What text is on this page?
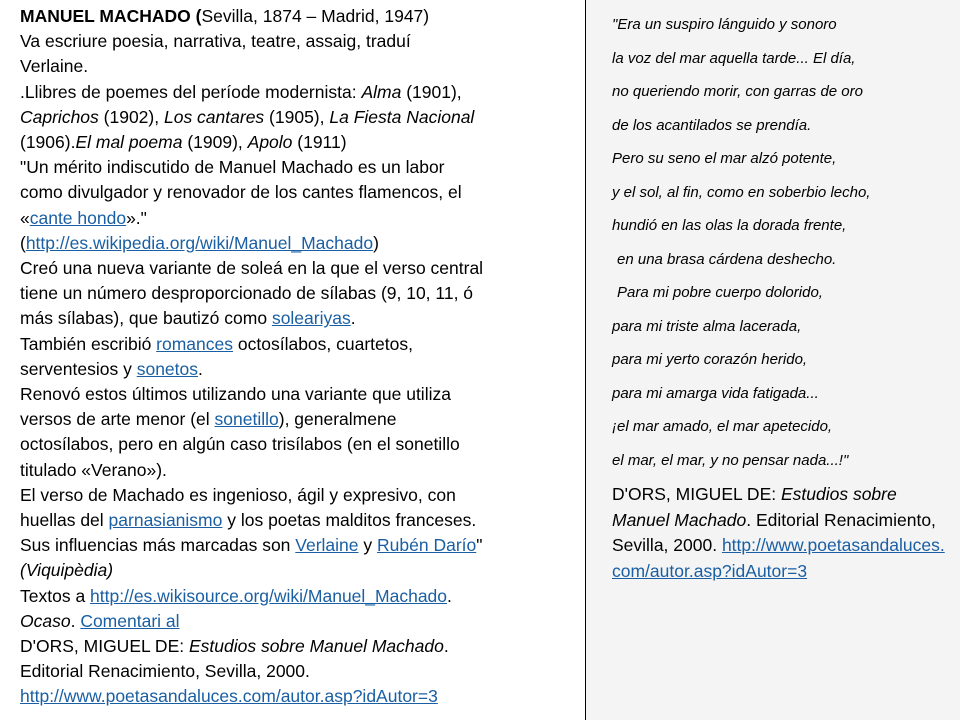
MANUEL MACHADO (Sevilla, 1874 – Madrid, 1947)
Va escriure poesia, narrativa, teatre, assaig, traduí
Verlaine.
.Llibres de poemes del període modernista: Alma (1901),
Caprichos (1902), Los cantares (1905), La Fiesta Nacional
(1906).El mal poema (1909), Apolo (1911)
"Un mérito indiscutido de Manuel Machado es un labor
como divulgador y renovador de los cantes flamencos, el
«cante hondo»."
(http://es.wikipedia.org/wiki/Manuel_Machado)
Creó una nueva variante de soleá en la que el verso central
tiene un número desproporcionado de sílabas (9, 10, 11, ó
más sílabas), que bautizó como soleariyas.
También escribió romances octosílabos, cuartetos,
serventesios y sonetos.
Renovó estos últimos utilizando una variante que utiliza
versos de arte menor (el sonetillo), generalmene
octosílabos, pero en algún caso trisílabos (en el sonetillo
titulado «Verano»).
El verso de Machado es ingenioso, ágil y expresivo, con
huellas del parnasianismo y los poetas malditos franceses.
Sus influencias más marcadas son Verlaine y Rubén Darío"
(Viquipèdia)
Textos a http://es.wikisource.org/wiki/Manuel_Machado.
Ocaso. Comentari al
D'ORS, MIGUEL DE: Estudios sobre Manuel Machado.
Editorial Renacimiento, Sevilla, 2000.
http://www.poetasandaluces.com/autor.asp?idAutor=3
"Era un suspiro lánguido y sonoro
la voz del mar aquella tarde... El día,
no queriendo morir, con garras de oro
de los acantilados se prendía.
Pero su seno el mar alzó potente,
y el sol, al fin, como en soberbio lecho,
hundió en las olas la dorada frente,
en una brasa cárdena deshecho.
Para mi pobre cuerpo dolorido,
para mi triste alma lacerada,
para mi yerto corazón herido,
para mi amarga vida fatigada...
¡el mar amado, el mar apetecido,
el mar, el mar, y no pensar nada...!"
D'ORS, MIGUEL DE: Estudios sobre Manuel Machado. Editorial Renacimiento, Sevilla, 2000. http://www.poetasandaluces.com/autor.asp?idAutor=3
